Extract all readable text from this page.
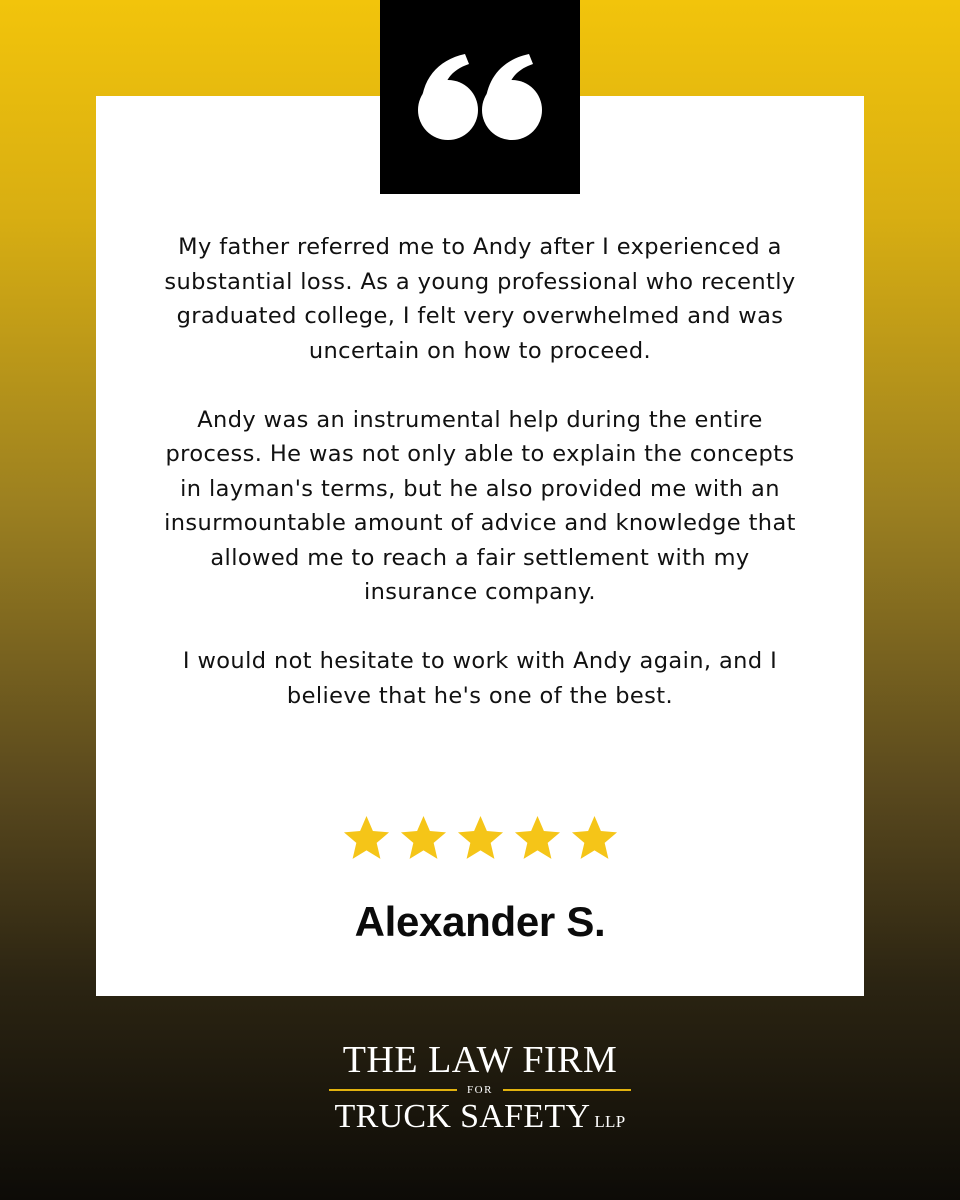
My father referred me to Andy after I experienced a substantial loss. As a young professional who recently graduated college, I felt very overwhelmed and was uncertain on how to proceed.

Andy was an instrumental help during the entire process. He was not only able to explain the concepts in layman's terms, but he also provided me with an insurmountable amount of advice and knowledge that allowed me to reach a fair settlement with my insurance company.

I would not hesitate to work with Andy again, and I believe that he's one of the best.

Alexander S.
THE LAW FIRM
FOR
TRUCK SAFETY LLP
